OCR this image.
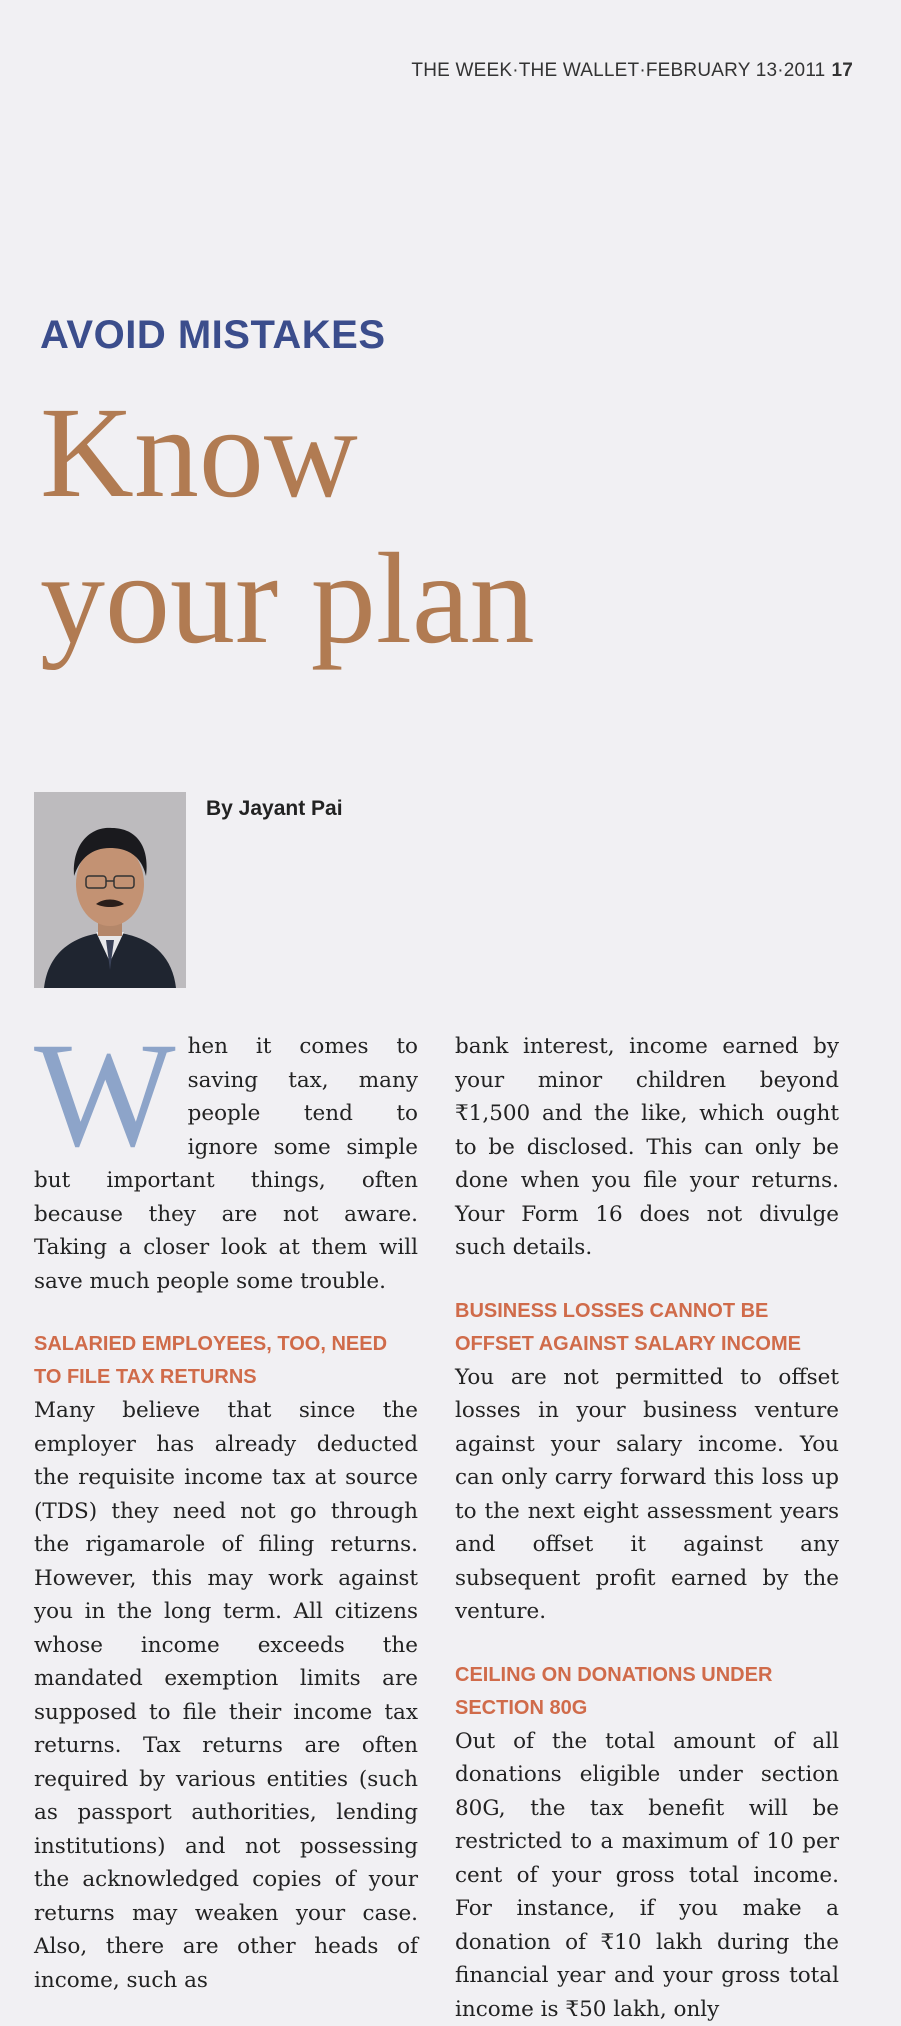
THE WEEK·THE WALLET·FEBRUARY 13·2011 17
AVOID MISTAKES
Know
your plan
By Jayant Pai

When it comes to saving tax, many people tend to ignore some simple but important things, often because they are not aware. Taking a closer look at them will save much people some trouble.

SALARIED EMPLOYEES, TOO, NEED TO FILE TAX RETURNS

Many believe that since the employer has already deducted the requisite income tax at source (TDS) they need not go through the rigamarole of filing returns. However, this may work against you in the long term. All citizens whose income exceeds the mandated exemption limits are supposed to file their income tax returns. Tax returns are often required by various entities (such as passport authorities, lending institutions) and not possessing the acknowledged copies of your returns may weaken your case. Also, there are other heads of income, such as

bank interest, income earned by your minor children beyond ₹1,500 and the like, which ought to be disclosed. This can only be done when you file your returns. Your Form 16 does not divulge such details.

BUSINESS LOSSES CANNOT BE OFFSET AGAINST SALARY INCOME

You are not permitted to offset losses in your business venture against your salary income. You can only carry forward this loss up to the next eight assessment years and offset it against any subsequent profit earned by the venture.

CEILING ON DONATIONS UNDER SECTION 80G

Out of the total amount of all donations eligible under section 80G, the tax benefit will be restricted to a maximum of 10 per cent of your gross total income. For instance, if you make a donation of ₹10 lakh during the financial year and your gross total income is ₹50 lakh, only
